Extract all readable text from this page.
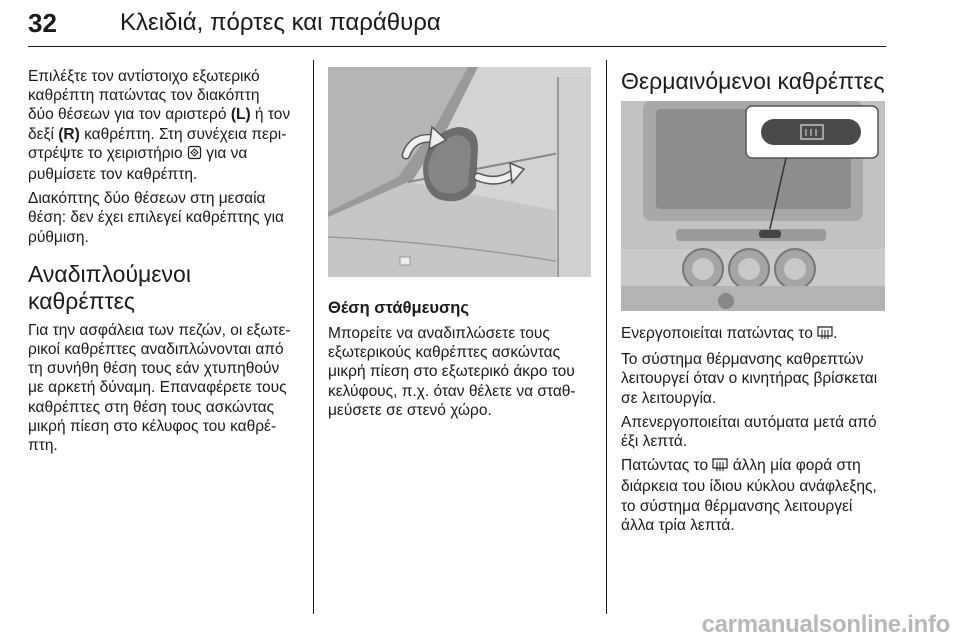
32	Κλειδιά, πόρτες και παράθυρα

Επιλέξτε τον αντίστοιχο εξωτερικό
καθρέπτη πατώντας τον διακόπτη
δύο θέσεων για τον αριστερό (L) ή τον
δεξί (R) καθρέπτη. Στη συνέχεια περι-
στρέψτε το χειριστήριο για να
ρυθμίσετε τον καθρέπτη.

Διακόπτης δύο θέσεων στη μεσαία
θέση: δεν έχει επιλεγεί καθρέπτης για
ρύθμιση.

Αναδιπλούμενοι καθρέπτες

Για την ασφάλεια των πεζών, οι εξωτε-
ρικοί καθρέπτες αναδιπλώνονται από
τη συνήθη θέση τους εάν χτυπηθούν
με αρκετή δύναμη. Επαναφέρετε τους
καθρέπτες στη θέση τους ασκώντας
μικρή πίεση στο κέλυφος του καθρέ-
πτη.

Θέση στάθμευσης

Μπορείτε να αναδιπλώσετε τους
εξωτερικούς καθρέπτες ασκώντας
μικρή πίεση στο εξωτερικό άκρο του
κελύφους, π.χ. όταν θέλετε να σταθ-
μεύσετε σε στενό χώρο.

Θερμαινόμενοι καθρέπτες

Ενεργοποιείται πατώντας το .

Το σύστημα θέρμανσης καθρεπτών
λειτουργεί όταν ο κινητήρας βρίσκεται
σε λειτουργία.

Απενεργοποιείται αυτόματα μετά από
έξι λεπτά.

Πατώντας το άλλη μία φορά στη
διάρκεια του ίδιου κύκλου ανάφλεξης,
το σύστημα θέρμανσης λειτουργεί
άλλα τρία λεπτά.

carmanualsonline.info
